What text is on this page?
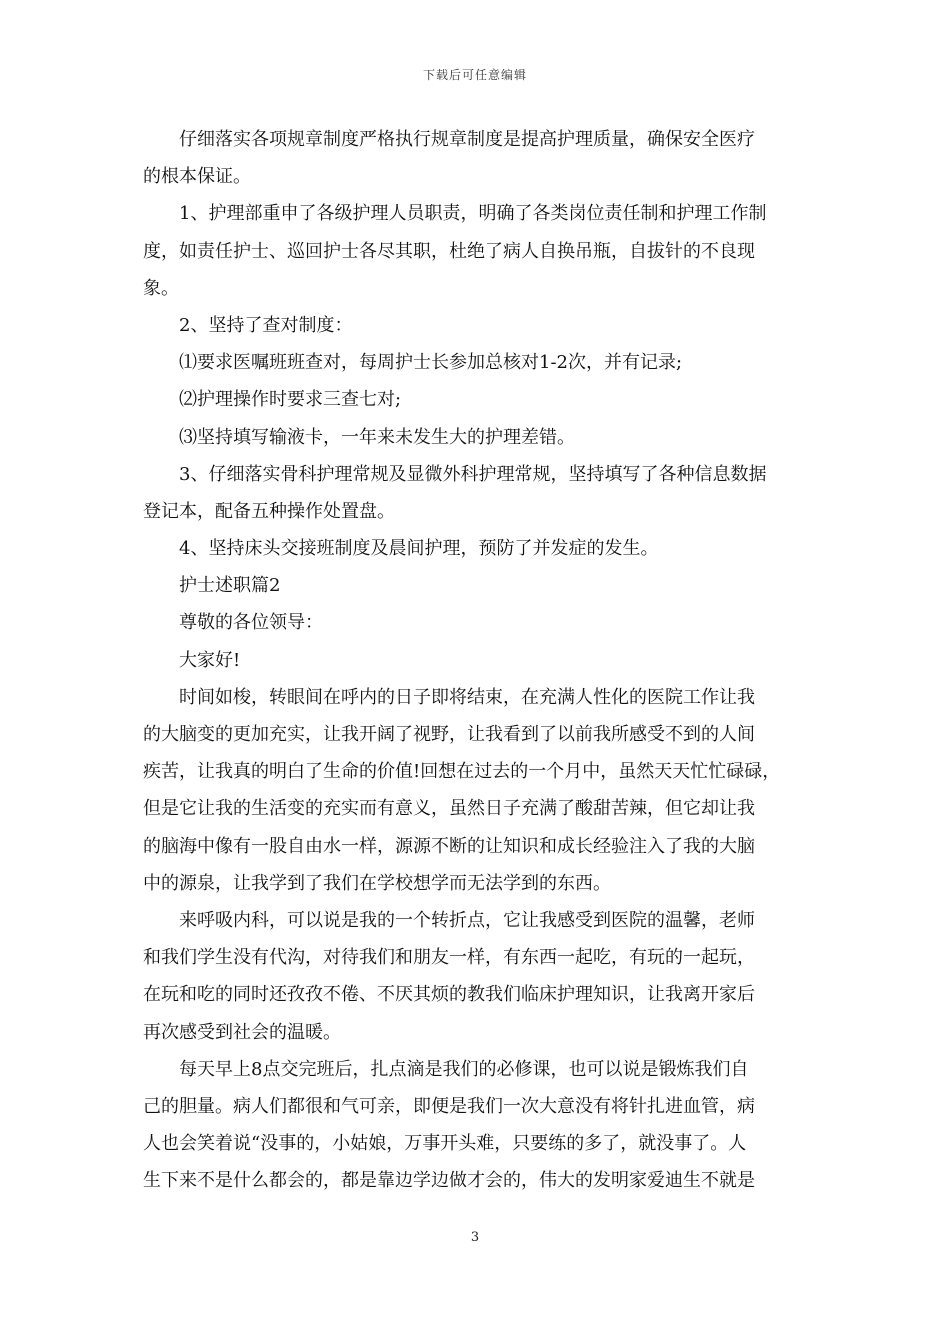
下载后可任意编辑
仔细落实各项规章制度严格执行规章制度是提高护理质量，确保安全医疗
的根本保证。
1、护理部重申了各级护理人员职责，明确了各类岗位责任制和护理工作制
度，如责任护士、巡回护士各尽其职，杜绝了病人自换吊瓶，自拔针的不良现
象。
2、坚持了查对制度：
⑴要求医嘱班班查对，每周护士长参加总核对1-2次，并有记录;
⑵护理操作时要求三查七对;
⑶坚持填写输液卡，一年来未发生大的护理差错。
3、仔细落实骨科护理常规及显微外科护理常规，坚持填写了各种信息数据
登记本，配备五种操作处置盘。
4、坚持床头交接班制度及晨间护理，预防了并发症的发生。
护士述职篇2
尊敬的各位领导：
大家好!
时间如梭，转眼间在呼内的日子即将结束，在充满人性化的医院工作让我
的大脑变的更加充实，让我开阔了视野，让我看到了以前我所感受不到的人间
疾苦，让我真的明白了生命的价值!回想在过去的一个月中，虽然天天忙忙碌碌，
但是它让我的生活变的充实而有意义，虽然日子充满了酸甜苦辣，但它却让我
的脑海中像有一股自由水一样，源源不断的让知识和成长经验注入了我的大脑
中的源泉，让我学到了我们在学校想学而无法学到的东西。
来呼吸内科，可以说是我的一个转折点，它让我感受到医院的温馨，老师
和我们学生没有代沟，对待我们和朋友一样，有东西一起吃，有玩的一起玩，
在玩和吃的同时还孜孜不倦、不厌其烦的教我们临床护理知识，让我离开家后
再次感受到社会的温暖。
每天早上8点交完班后，扎点滴是我们的必修课，也可以说是锻炼我们自
己的胆量。病人们都很和气可亲，即便是我们一次大意没有将针扎进血管，病
人也会笑着说“没事的，小姑娘，万事开头难，只要练的多了，就没事了。人
生下来不是什么都会的，都是靠边学边做才会的，伟大的发明家爱迪生不就是
3
